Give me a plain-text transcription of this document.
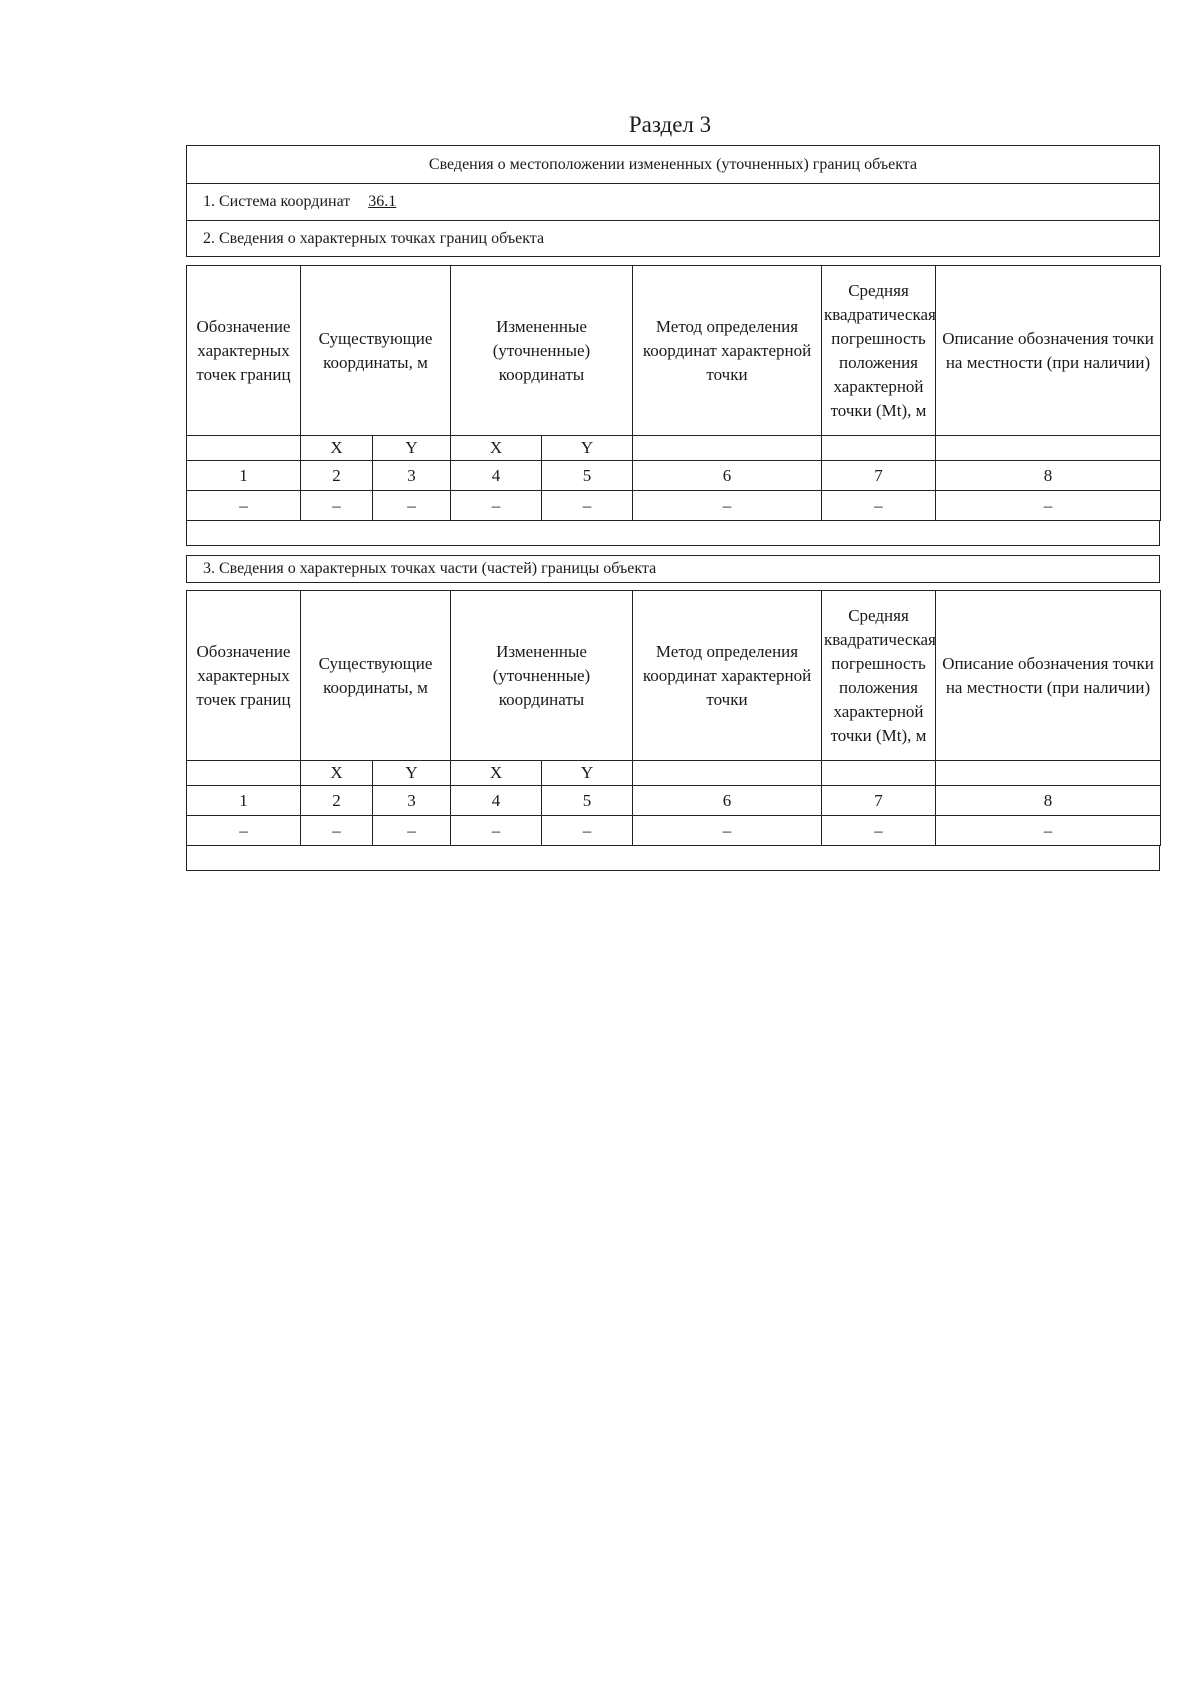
Раздел 3
Сведения о местоположении измененных (уточненных) границ объекта
1. Система координат 36.1
2. Сведения о характерных точках границ объекта
Обозначение характерных точек границ	Существующие координаты, м		Измененные (уточненные) координаты		Метод определения координат характерной точки	Средняя квадратическая погрешность положения характерной точки (Mt), м	Описание обозначения точки на местности (при наличии)
	X	Y	X	Y			
1	2	3	4	5	6	7	8
–	–	–	–	–	–	–	–
3. Сведения о характерных точках части (частей) границы объекта
Обозначение характерных точек границ	Существующие координаты, м		Измененные (уточненные) координаты		Метод определения координат характерной точки	Средняя квадратическая погрешность положения характерной точки (Mt), м	Описание обозначения точки на местности (при наличии)
	X	Y	X	Y			
1	2	3	4	5	6	7	8
–	–	–	–	–	–	–	–
